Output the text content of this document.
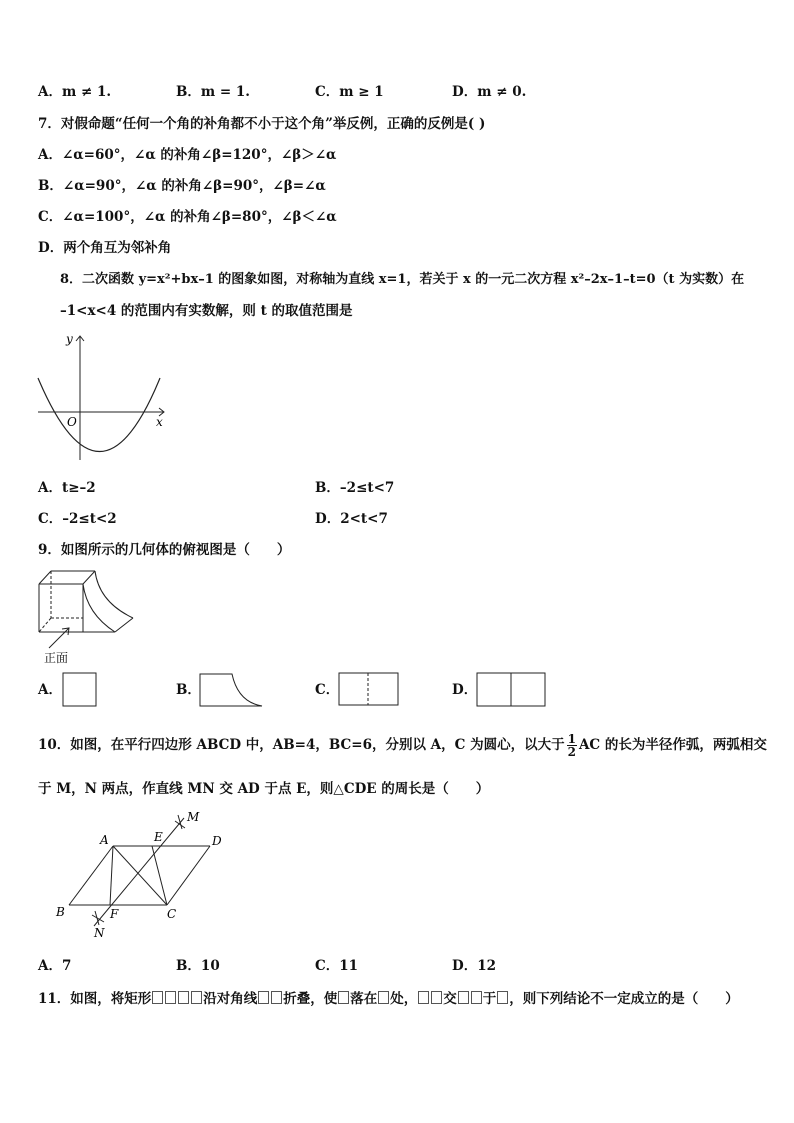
A．m ≠ 1.	B．m = 1.	C．m ≥ 1	D．m ≠ 0.
7．对假命题“任何一个角的补角都不小于这个角”举反例，正确的反例是( )
A．∠α=60°，∠α 的补角∠β=120°，∠β＞∠α
B．∠α=90°，∠α 的补角∠β=90°，∠β=∠α
C．∠α=100°，∠α 的补角∠β=80°，∠β＜∠α
D．两个角互为邻补角
8．二次函数 y=x²+bx–1 的图象如图，对称轴为直线 x=1，若关于 x 的一元二次方程 x²–2x–1–t=0（t 为实数）在
–1<x<4 的范围内有实数解，则 t 的取值范围是
y
x
O
A．t≥–2	B．–2≤t<7
C．–2≤t<2	D．2<t<7
9．如图所示的几何体的俯视图是（　　）
正面
A．	B．	C．	D．
10．如图，在平行四边形 ABCD 中，AB=4，BC=6，分别以 A，C 为圆心，以大于 $\frac{1}{2}$ AC 的长为半径作弧，两弧相交
于 M，N 两点，作直线 MN 交 AD 于点 E，则△CDE 的周长是（　　）
A	E	D
M
B	F	C
N
A．7	B．10	C．11	D．12
11．如图，将矩形	沿对角线 折叠，使 落在 处， 交 于 ，则下列结论不一定成立的是（　　）
